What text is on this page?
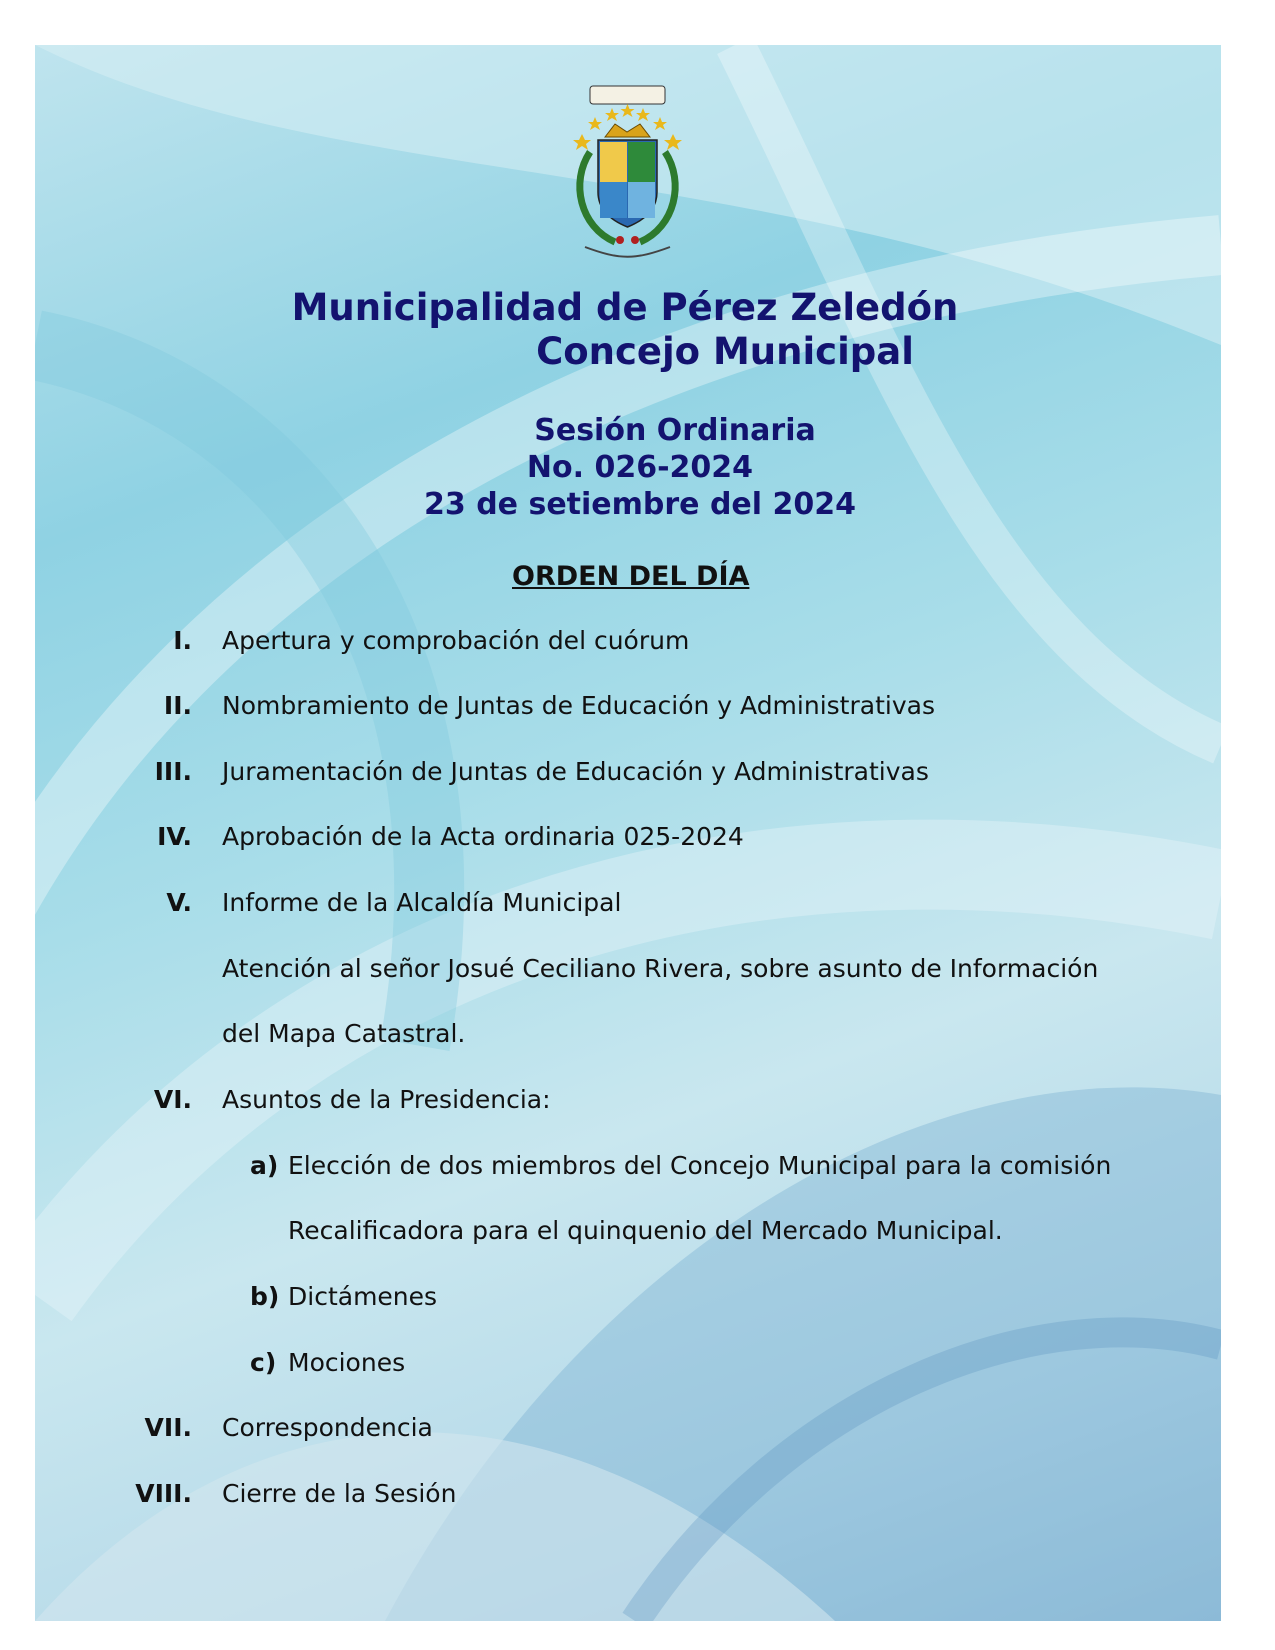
Municipalidad de Pérez Zeledón
Concejo Municipal
Sesión Ordinaria
No. 026-2024
23 de setiembre del 2024
ORDEN DEL DÍA
I. Apertura y comprobación del cuórum
II. Nombramiento de Juntas de Educación y Administrativas
III. Juramentación de Juntas de Educación y Administrativas
IV. Aprobación de la Acta ordinaria 025-2024
V. Informe de la Alcaldía Municipal
Atención al señor Josué Ceciliano Rivera, sobre asunto de Información
del Mapa Catastral.
VI. Asuntos de la Presidencia:
a) Elección de dos miembros del Concejo Municipal para la comisión
Recalificadora para el quinquenio del Mercado Municipal.
b) Dictámenes
c) Mociones
VII. Correspondencia
VIII. Cierre de la Sesión
